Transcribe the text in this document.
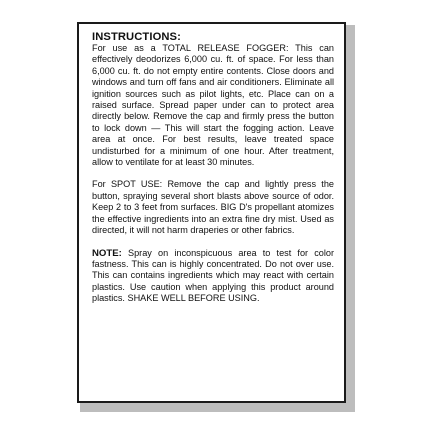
INSTRUCTIONS:

For use as a TOTAL RELEASE FOGGER: This can effectively deodorizes 6,000 cu. ft. of space. For less than 6,000 cu. ft. do not empty entire contents. Close doors and windows and turn off fans and air conditioners. Eliminate all ignition sources such as pilot lights, etc. Place can on a raised surface. Spread paper under can to protect area directly below. Remove the cap and firmly press the button to lock down — This will start the fogging action. Leave area at once. For best results, leave treated space undisturbed for a minimum of one hour. After treatment, allow to ventilate for at least 30 minutes.

For SPOT USE: Remove the cap and lightly press the button, spraying several short blasts above source of odor. Keep 2 to 3 feet from surfaces. BIG D's propellant atomizes the effective ingredients into an extra fine dry mist. Used as directed, it will not harm draperies or other fabrics.

NOTE: Spray on inconspicuous area to test for color fastness. This can is highly concentrated. Do not over use. This can contains ingredients which may react with certain plastics. Use caution when applying this product around plastics. SHAKE WELL BEFORE USING.
